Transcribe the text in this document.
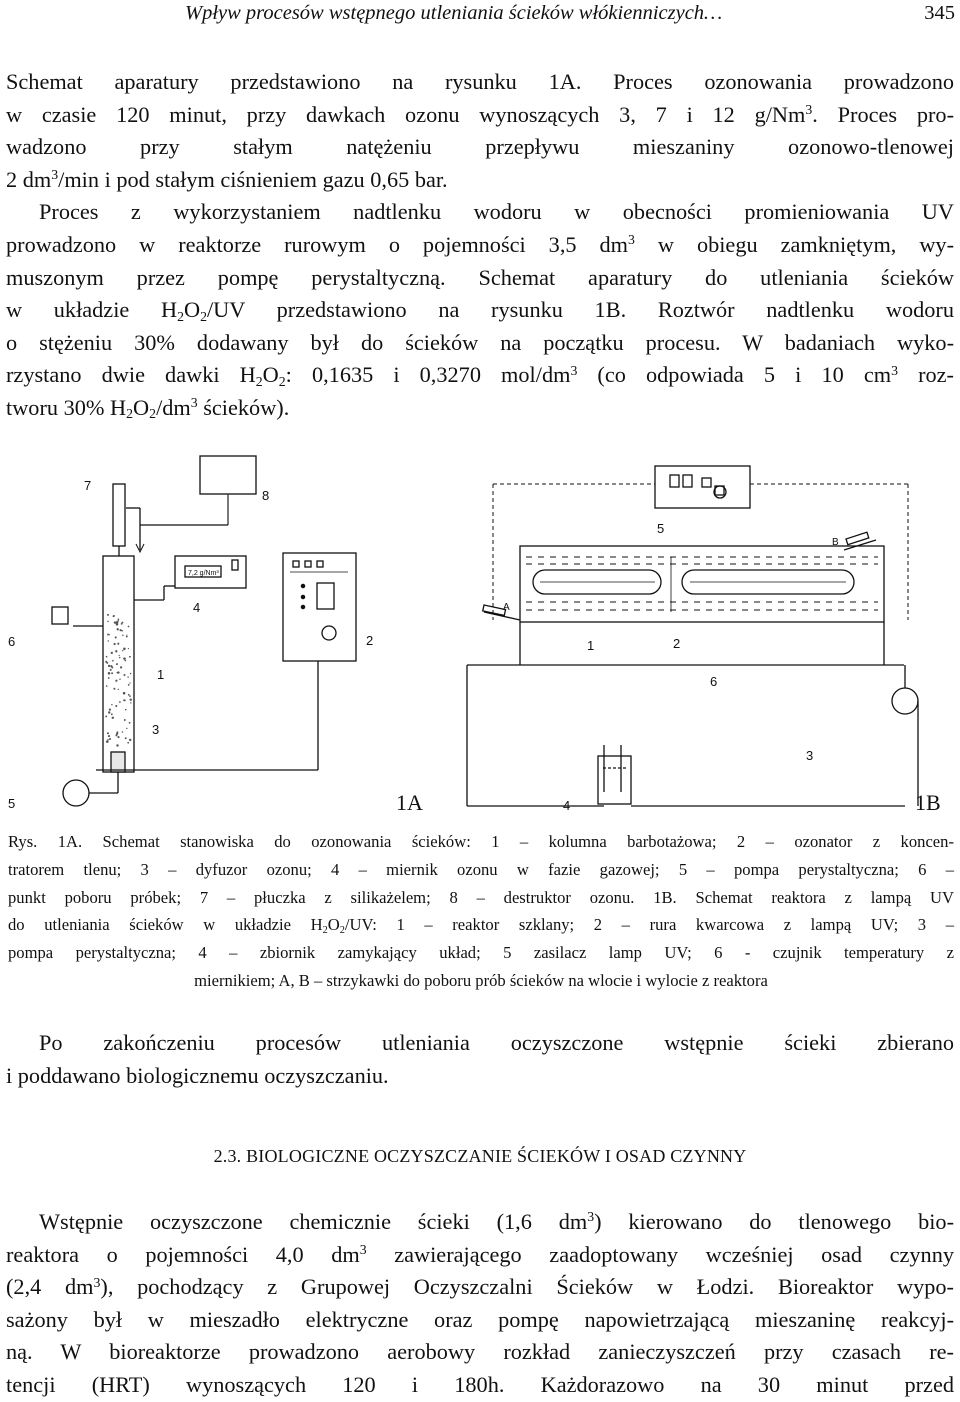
Wpływ procesów wstępnego utleniania ścieków włókienniczych…	345
Schemat aparatury przedstawiono na rysunku 1A. Proces ozonowania prowadzono
w czasie 120 minut, przy dawkach ozonu wynoszących 3, 7 i 12 g/Nm$^3$. Proces pro-
wadzono przy stałym natężeniu przepływu mieszaniny ozonowo-tlenowej
2 $dm^3/\min$ i pod stałym ciśnieniem gazu 0,65 bar.
Proces z wykorzystaniem nadtlenku wodoru w obecności promieniowania UV
prowadzono w reaktorze rurowym o pojemności 3,5 $dm^3$ w obiegu zamkniętym, wy-
muszonym przez pompę perystaltyczną. Schemat aparatury do utleniania ścieków
w układzie $H_2O_2/UV$ przedstawiono na rysunku 1B. Roztwór nadtlenku wodoru
o stężeniu 30% dodawany był do ścieków na początku procesu. W badaniach wyko-
rzystano dwie dawki $H_2O_2$: 0,1635 i 0,3270 mol/$dm^3$ (co odpowiada 5 i 10 $cm^3$ roz-
tworu 30% $H_2O_2/dm^3$ ścieków).
7
8
4
6	2
1
3
5
7,2 g/Nm³
1A
5
B
A
1	2
6
3
4	1B
Rys. 1A. Schemat stanowiska do ozonowania ścieków: 1 – kolumna barbotażowa; 2 – ozonator z koncen-
tratorem tlenu; 3 – dyfuzor ozonu; 4 – miernik ozonu w fazie gazowej; 5 – pompa perystaltyczna; 6 –
punkt poboru próbek; 7 – płuczka z silikażelem; 8 – destruktor ozonu. 1B. Schemat reaktora z lampą UV
do utleniania ścieków w układzie $H_2O_2/UV$: 1 – reaktor szklany; 2 – rura kwarcowa z lampą UV; 3 –
pompa perystaltyczna; 4 – zbiornik zamykający układ; 5 zasilacz lamp UV; 6 - czujnik temperatury z
miernikiem; A, B – strzykawki do poboru prób ścieków na wlocie i wylocie z reaktora
Po zakończeniu procesów utleniania oczyszczone wstępnie ścieki zbierano
i poddawano biologicznemu oczyszczaniu.
2.3. BIOLOGICZNE OCZYSZCZANIE ŚCIEKÓW I OSAD CZYNNY
Wstępnie oczyszczone chemicznie ścieki (1,6 $dm^3$) kierowano do tlenowego bio-
reaktora o pojemności 4,0 $dm^3$ zawierającego zaadoptowany wcześniej osad czynny
(2,4 $dm^3$), pochodzący z Grupowej Oczyszczalni Ścieków w Łodzi. Bioreaktor wypo-
sażony był w mieszadło elektryczne oraz pompę napowietrzającą mieszaninę reakcyj-
ną. W bioreaktorze prowadzono aerobowy rozkład zanieczyszczeń przy czasach re-
tencji (HRT) wynoszących 120 i 180h. Każdorazowo na 30 minut przed
